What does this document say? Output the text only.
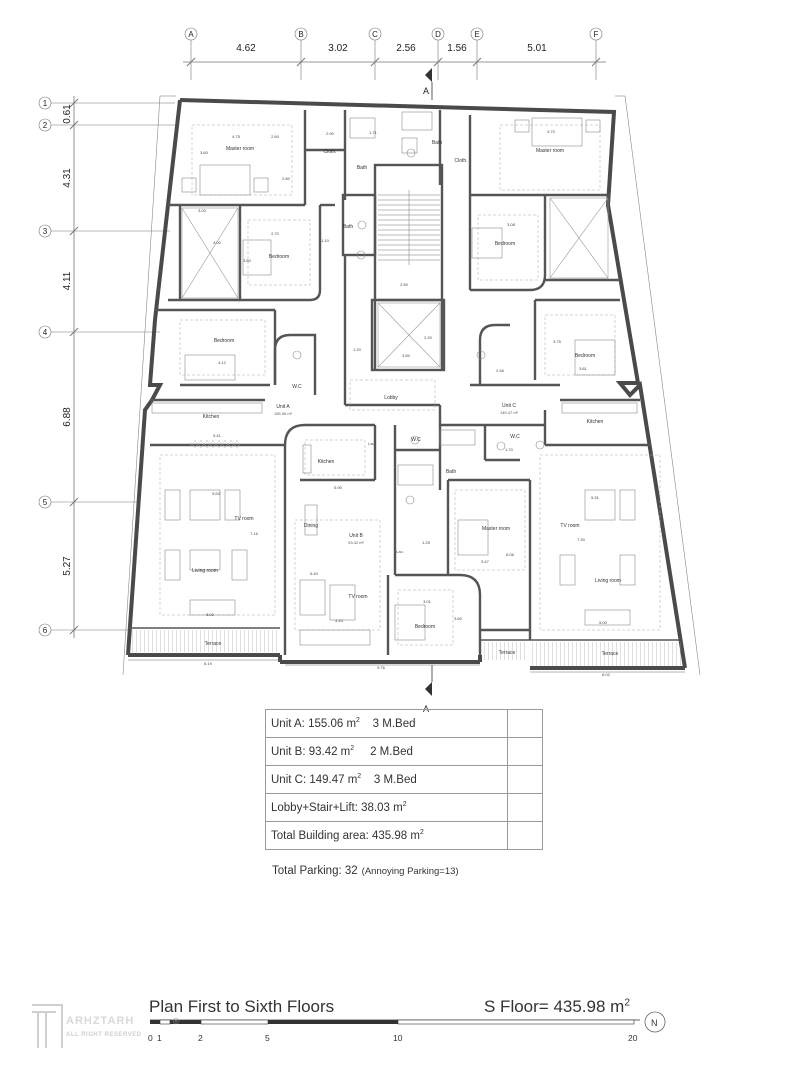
A	B	C	D	E	F
4.62	3.02	2.56	1.56	5.01
1
2
3
4
5
6
0.61
4.31
4.11
6.88
5.27
A
A
Master room	Master room
Master room
Cloth.
Cloth.
Bath
Bath
Bath
Bath
Bedroom
Bedroom
Bedroom
Bedroom
Bedroom
W.C
W.C	W.C
Lobby
Unit A
155.06 m²
Unit B
93.42 m²
Unit C
149.47 m²
Kitchen
Kitchen
Kitchen
Dining
TV room
TV room
TV room
Living room
Living room
Terrace
Terrace	Terrace
Lau.
Lau.
4.75
3.60
2.60
1.71
3.00
4.70
2.90
3.80
2.70
1.10
2.50
3.08
4.12
1.20
3.50
2.20
3.75
3.81
2.46
5.41
5.90
5.53
7.16
5.02
4.10
3.47
3.01
3.60
7.30
5.31
5.00
6.19
9.76
6.02
1.25
6.06
6.40
1.70
4.00
2.80
N
R
Unit A: 155.06 $m^2$ 3 M.Bed	
Unit B: 93.42 $m^2$ 2 M.Bed	
Unit C: 149.47 $m^2$ 3 M.Bed	
Lobby+Stair+Lift: 38.03 $m^2$	
Total Building area: 435.98 $m^2$	
Total Parking: 32 (Annoying Parking=13)
Plan First to Sixth Floors	S Floor= 435.98 $m^2$
ARHZTARH
ALL RIGHT RESERVED 0 1	2	5	10	20
